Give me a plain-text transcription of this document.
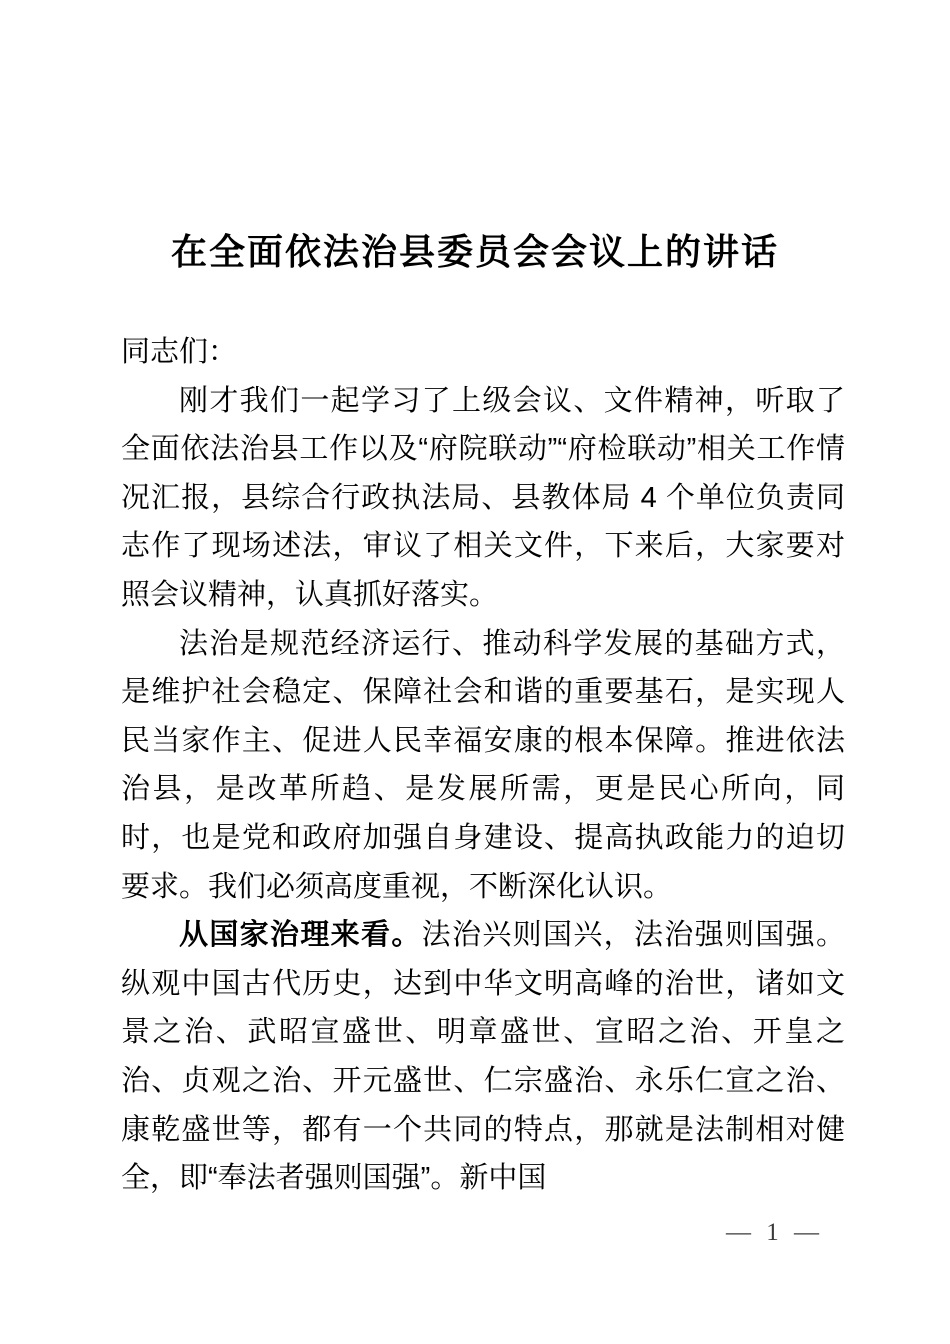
在全面依法治县委员会会议上的讲话

同志们：

刚才我们一起学习了上级会议、文件精神，听取了全面依法治县工作以及“府院联动”“府检联动”相关工作情况汇报，县综合行政执法局、县教体局 4 个单位负责同志作了现场述法，审议了相关文件，下来后，大家要对照会议精神，认真抓好落实。

法治是规范经济运行、推动科学发展的基础方式，是维护社会稳定、保障社会和谐的重要基石，是实现人民当家作主、促进人民幸福安康的根本保障。推进依法治县，是改革所趋、是发展所需，更是民心所向，同时，也是党和政府加强自身建设、提高执政能力的迫切要求。我们必须高度重视，不断深化认识。

从国家治理来看。法治兴则国兴，法治强则国强。纵观中国古代历史，达到中华文明高峰的治世，诸如文景之治、武昭宣盛世、明章盛世、宣昭之治、开皇之治、贞观之治、开元盛世、仁宗盛治、永乐仁宣之治、康乾盛世等，都有一个共同的特点，那就是法制相对健全，即“奉法者强则国强”。新中国

— 1 —
